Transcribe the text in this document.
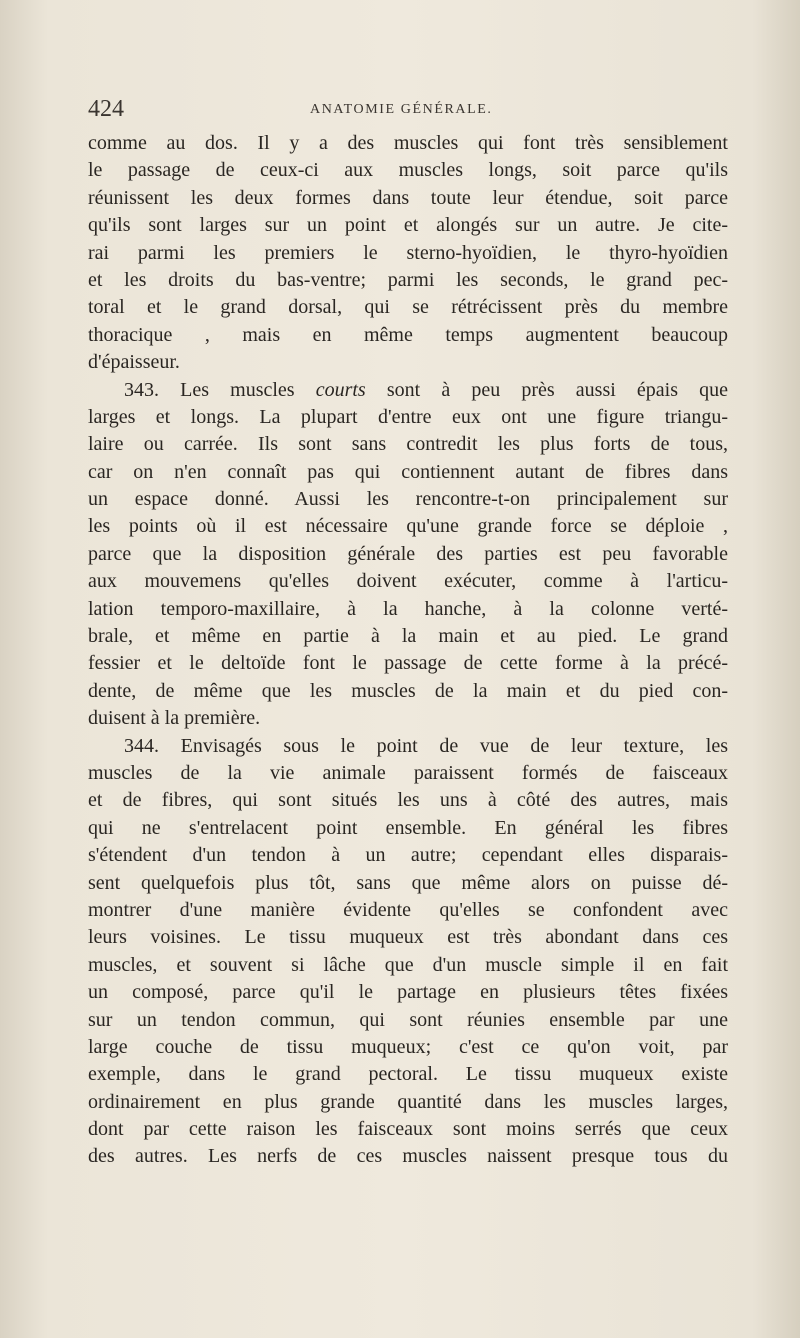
424	ANATOMIE GÉNÉRALE.
comme au dos. Il y a des muscles qui font très sensiblement
le passage de ceux-ci aux muscles longs, soit parce qu'ils
réunissent les deux formes dans toute leur étendue, soit parce
qu'ils sont larges sur un point et alongés sur un autre. Je cite-
rai parmi les premiers le sterno-hyoïdien, le thyro-hyoïdien
et les droits du bas-ventre; parmi les seconds, le grand pec-
toral et le grand dorsal, qui se rétrécissent près du membre
thoracique , mais en même temps augmentent beaucoup
d'épaisseur.
343. Les muscles courts sont à peu près aussi épais que
larges et longs. La plupart d'entre eux ont une figure triangu-
laire ou carrée. Ils sont sans contredit les plus forts de tous,
car on n'en connaît pas qui contiennent autant de fibres dans
un espace donné. Aussi les rencontre-t-on principalement sur
les points où il est nécessaire qu'une grande force se déploie ,
parce que la disposition générale des parties est peu favorable
aux mouvemens qu'elles doivent exécuter, comme à l'articu-
lation temporo-maxillaire, à la hanche, à la colonne verté-
brale, et même en partie à la main et au pied. Le grand
fessier et le deltoïde font le passage de cette forme à la précé-
dente, de même que les muscles de la main et du pied con-
duisent à la première.
344. Envisagés sous le point de vue de leur texture, les
muscles de la vie animale paraissent formés de faisceaux
et de fibres, qui sont situés les uns à côté des autres, mais
qui ne s'entrelacent point ensemble. En général les fibres
s'étendent d'un tendon à un autre; cependant elles disparais-
sent quelquefois plus tôt, sans que même alors on puisse dé-
montrer d'une manière évidente qu'elles se confondent avec
leurs voisines. Le tissu muqueux est très abondant dans ces
muscles, et souvent si lâche que d'un muscle simple il en fait
un composé, parce qu'il le partage en plusieurs têtes fixées
sur un tendon commun, qui sont réunies ensemble par une
large couche de tissu muqueux; c'est ce qu'on voit, par
exemple, dans le grand pectoral. Le tissu muqueux existe
ordinairement en plus grande quantité dans les muscles larges,
dont par cette raison les faisceaux sont moins serrés que ceux
des autres. Les nerfs de ces muscles naissent presque tous du
